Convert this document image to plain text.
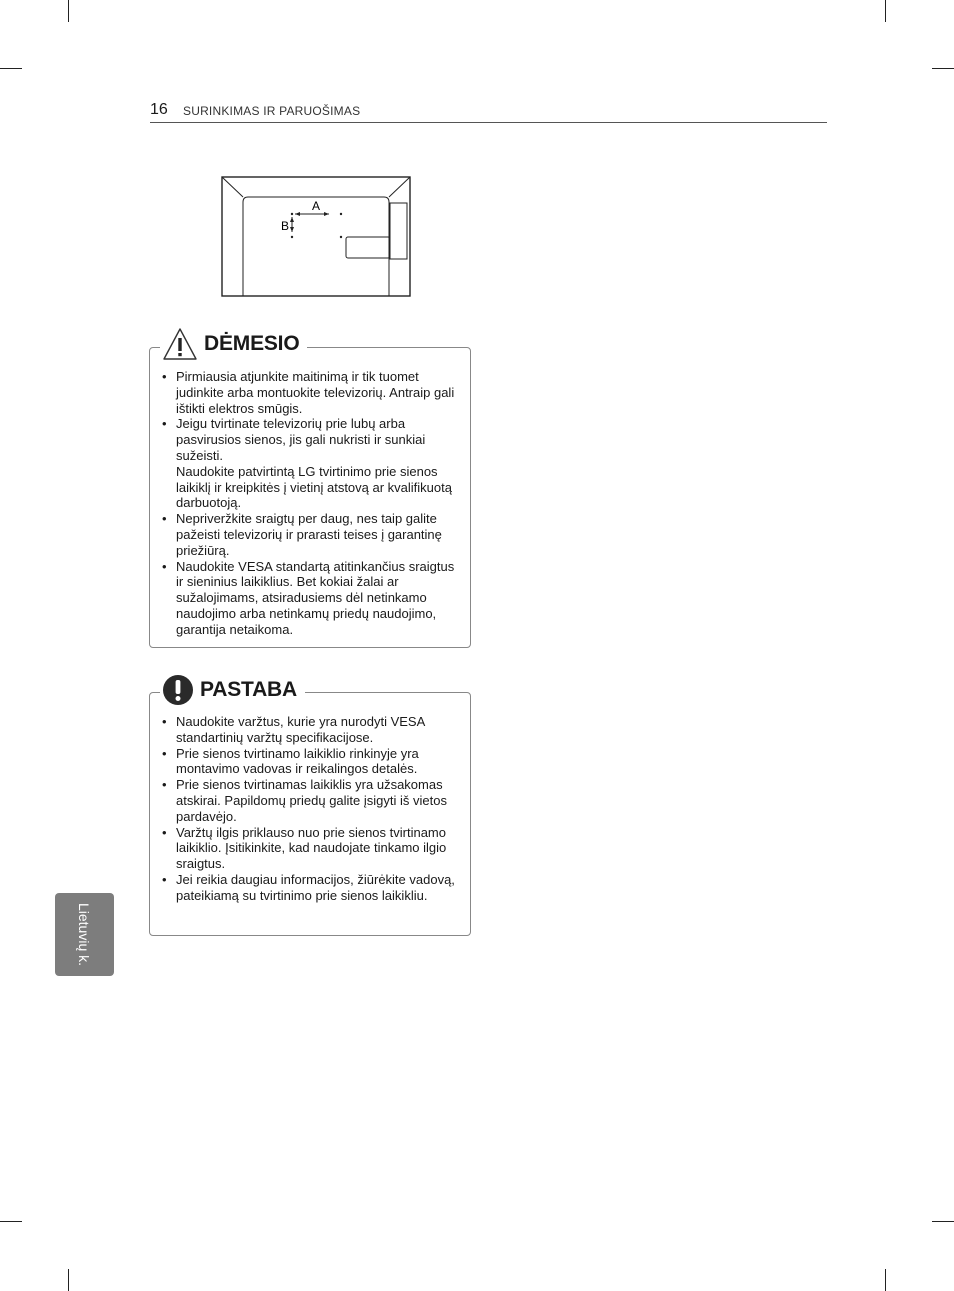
16 SURINKIMAS IR PARUOŠIMAS
A
B
• Pirmiausia atjunkite maitinimą ir tik tuomet judinkite arba montuokite televizorių. Antraip gali ištikti elektros smūgis.
• Jeigu tvirtinate televizorių prie lubų arba pasvirusios sienos, jis gali nukristi ir sunkiai sužeisti.
Naudokite patvirtintą LG tvirtinimo prie sienos laikiklį ir kreipkitės į vietinį atstovą ar kvalifikuotą darbuotoją.
• Nepriveržkite sraigtų per daug, nes taip galite pažeisti televizorių ir prarasti teises į garantinę priežiūrą.
• Naudokite VESA standartą atitinkančius sraigtus ir sieninius laikiklius. Bet kokiai žalai ar sužalojimams, atsiradusiems dėl netinkamo naudojimo arba netinkamų priedų naudojimo, garantija netaikoma.
DĖMESIO
• Naudokite varžtus, kurie yra nurodyti VESA standartinių varžtų specifikacijose.
• Prie sienos tvirtinamo laikiklio rinkinyje yra montavimo vadovas ir reikalingos detalės.
• Prie sienos tvirtinamas laikiklis yra užsakomas atskirai. Papildomų priedų galite įsigyti iš vietos pardavėjo.
• Varžtų ilgis priklauso nuo prie sienos tvirtinamo laikiklio. Įsitikinkite, kad naudojate tinkamo ilgio sraigtus.
• Jei reikia daugiau informacijos, žiūrėkite vadovą, pateikiamą su tvirtinimo prie sienos laikikliu.
PASTABA
Lietuvių k.
